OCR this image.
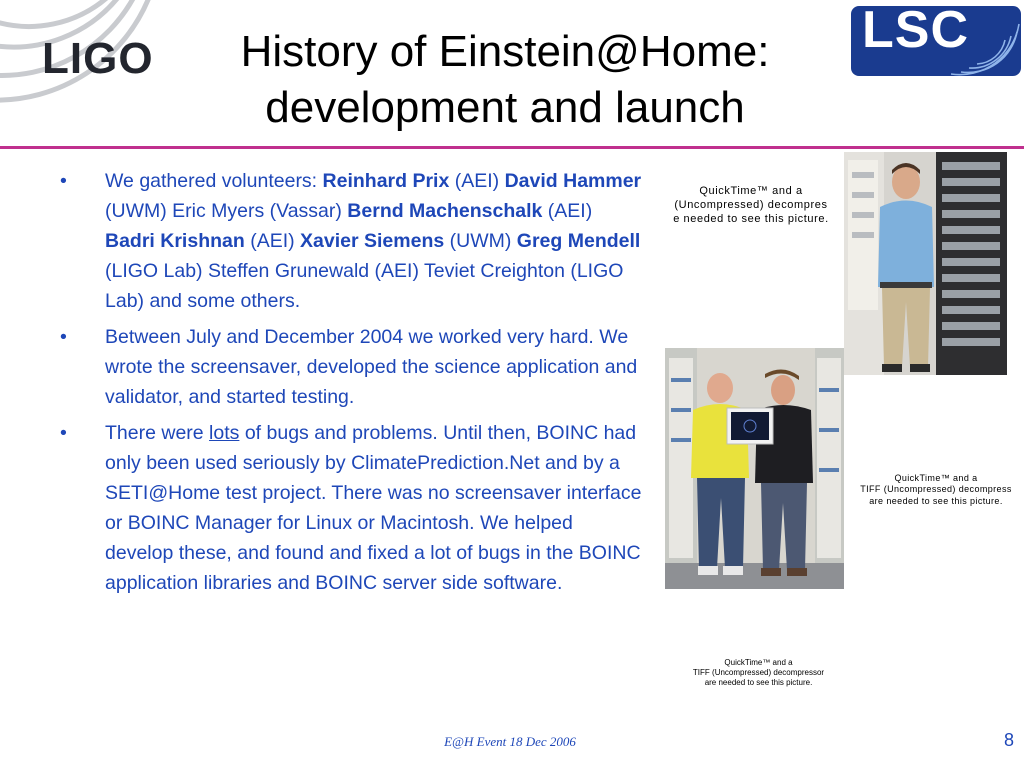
LIGO	LSC
History of Einstein@Home:
development and launch
• We gathered volunteers: Reinhard Prix (AEI) David Hammer (UWM) Eric Myers (Vassar) Bernd Machenschalk (AEI) Badri Krishnan (AEI) Xavier Siemens (UWM) Greg Mendell (LIGO Lab) Steffen Grunewald (AEI) Teviet Creighton (LIGO Lab) and some others.
• Between July and December 2004 we worked very hard. We wrote the screensaver, developed the science application and validator, and started testing.
• There were lots of bugs and problems. Until then, BOINC had only been used seriously by ClimatePrediction.Net and by a SETI@Home test project. There was no screensaver interface or BOINC Manager for Linux or Macintosh. We helped develop these, and found and fixed a lot of bugs in the BOINC application libraries and BOINC server side software.
QuickTime™ and a
(Uncompressed) decompres
e needed to see this picture.
QuickTime™ and a
TIFF (Uncompressed) decompress
are needed to see this picture.
QuickTime™ and a
TIFF (Uncompressed) decompressor
are needed to see this picture.
E@H Event 18 Dec 2006	8
